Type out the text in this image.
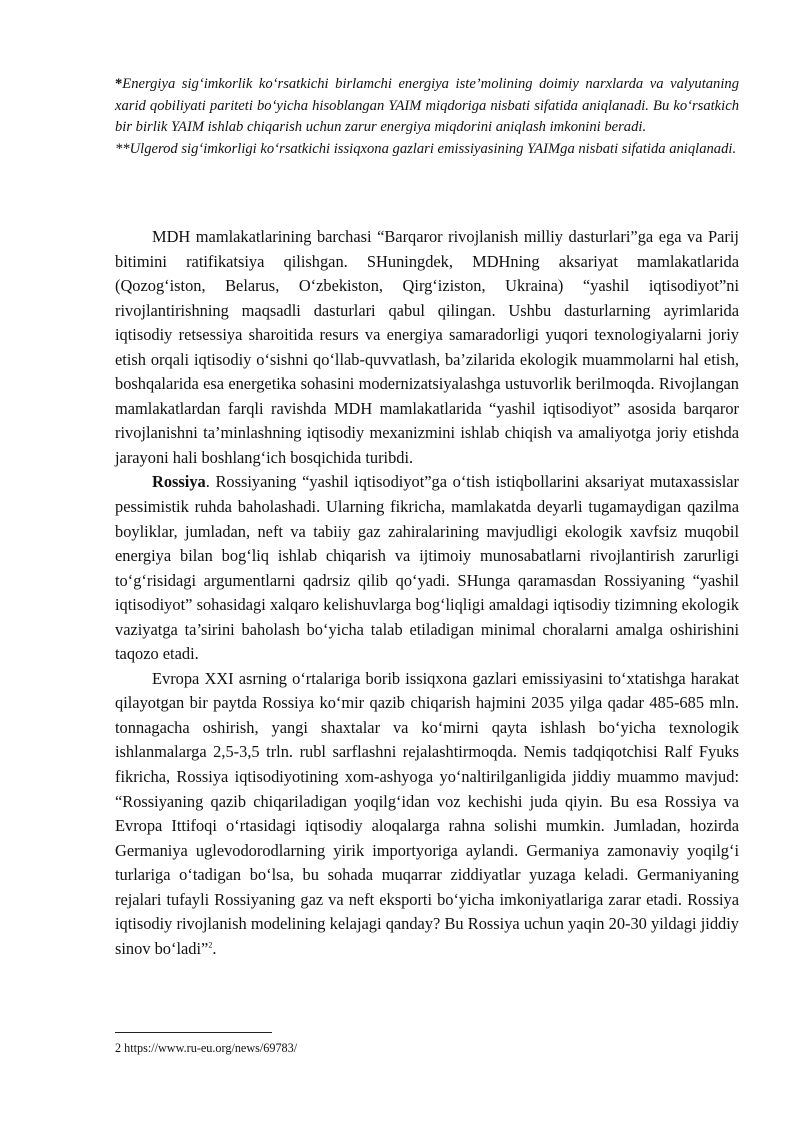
*Energiya sig‘imkorlik ko‘rsatkichi birlamchi energiya iste’molining doimiy narxlarda va valyutaning xarid qobiliyati pariteti bo‘yicha hisoblangan YAIM miqdoriga nisbati sifatida aniqlanadi. Bu ko‘rsatkich bir birlik YAIM ishlab chiqarish uchun zarur energiya miqdorini aniqlash imkonini beradi.

**Ulgerod sig‘imkorligi ko‘rsatkichi issiqxona gazlari emissiyasining YAIMga nisbati sifatida aniqlanadi.

MDH mamlakatlarining barchasi “Barqaror rivojlanish milliy dasturlari”ga ega va Parij bitimini ratifikatsiya qilishgan. SHuningdek, MDHning aksariyat mamlakatlarida (Qozog‘iston, Belarus, O‘zbekiston, Qirg‘iziston, Ukraina) “yashil iqtisodiyot”ni rivojlantirishning maqsadli dasturlari qabul qilingan. Ushbu dasturlarning ayrimlarida iqtisodiy retsessiya sharoitida resurs va energiya samaradorligi yuqori texnologiyalarni joriy etish orqali iqtisodiy o‘sishni qo‘llab-quvvatlash, ba’zilarida ekologik muammolarni hal etish, boshqalarida esa energetika sohasini modernizatsiyalashga ustuvorlik berilmoqda. Rivojlangan mamlakatlardan farqli ravishda MDH mamlakatlarida “yashil iqtisodiyot” asosida barqaror rivojlanishni ta’minlashning iqtisodiy mexanizmini ishlab chiqish va amaliyotga joriy etishda jarayoni hali boshlang‘ich bosqichida turibdi.

Rossiya. Rossiyaning “yashil iqtisodiyot”ga o‘tish istiqbollarini aksariyat mutaxassislar pessimistik ruhda baholashadi. Ularning fikricha, mamlakatda deyarli tugamaydigan qazilma boyliklar, jumladan, neft va tabiiy gaz zahiralarining mavjudligi ekologik xavfsiz muqobil energiya bilan bog‘liq ishlab chiqarish va ijtimoiy munosabatlarni rivojlantirish zarurligi to‘g‘risidagi argumentlarni qadrsiz qilib qo‘yadi. SHunga qaramasdan Rossiyaning “yashil iqtisodiyot” sohasidagi xalqaro kelishuvlarga bog‘liqligi amaldagi iqtisodiy tizimning ekologik vaziyatga ta’sirini baholash bo‘yicha talab etiladigan minimal choralarni amalga oshirishini taqozo etadi.

Evropa XXI asrning o‘rtalariga borib issiqxona gazlari emissiyasini to‘xtatishga harakat qilayotgan bir paytda Rossiya ko‘mir qazib chiqarish hajmini 2035 yilga qadar 485-685 mln. tonnagacha oshirish, yangi shaxtalar va ko‘mirni qayta ishlash bo‘yicha texnologik ishlanmalarga 2,5-3,5 trln. rubl sarflashni rejalashtirmoqda. Nemis tadqiqotchisi Ralf Fyuks fikricha, Rossiya iqtisodiyotining xom-ashyoga yo‘naltirilganligida jiddiy muammo mavjud: “Rossiyaning qazib chiqariladigan yoqilg‘idan voz kechishi juda qiyin. Bu esa Rossiya va Evropa Ittifoqi o‘rtasidagi iqtisodiy aloqalarga rahna solishi mumkin. Jumladan, hozirda Germaniya uglevodorodlarning yirik importyoriga aylandi. Germaniya zamonaviy yoqilg‘i turlariga o‘tadigan bo‘lsa, bu sohada muqarrar ziddiyatlar yuzaga keladi. Germaniyaning rejalari tufayli Rossiyaning gaz va neft eksporti bo‘yicha imkoniyatlariga zarar etadi. Rossiya iqtisodiy rivojlanish modelining kelajagi qanday? Bu Rossiya uchun yaqin 20-30 yildagi jiddiy sinov bo‘ladi”$^2$.

2 https://www.ru-eu.org/news/69783/
